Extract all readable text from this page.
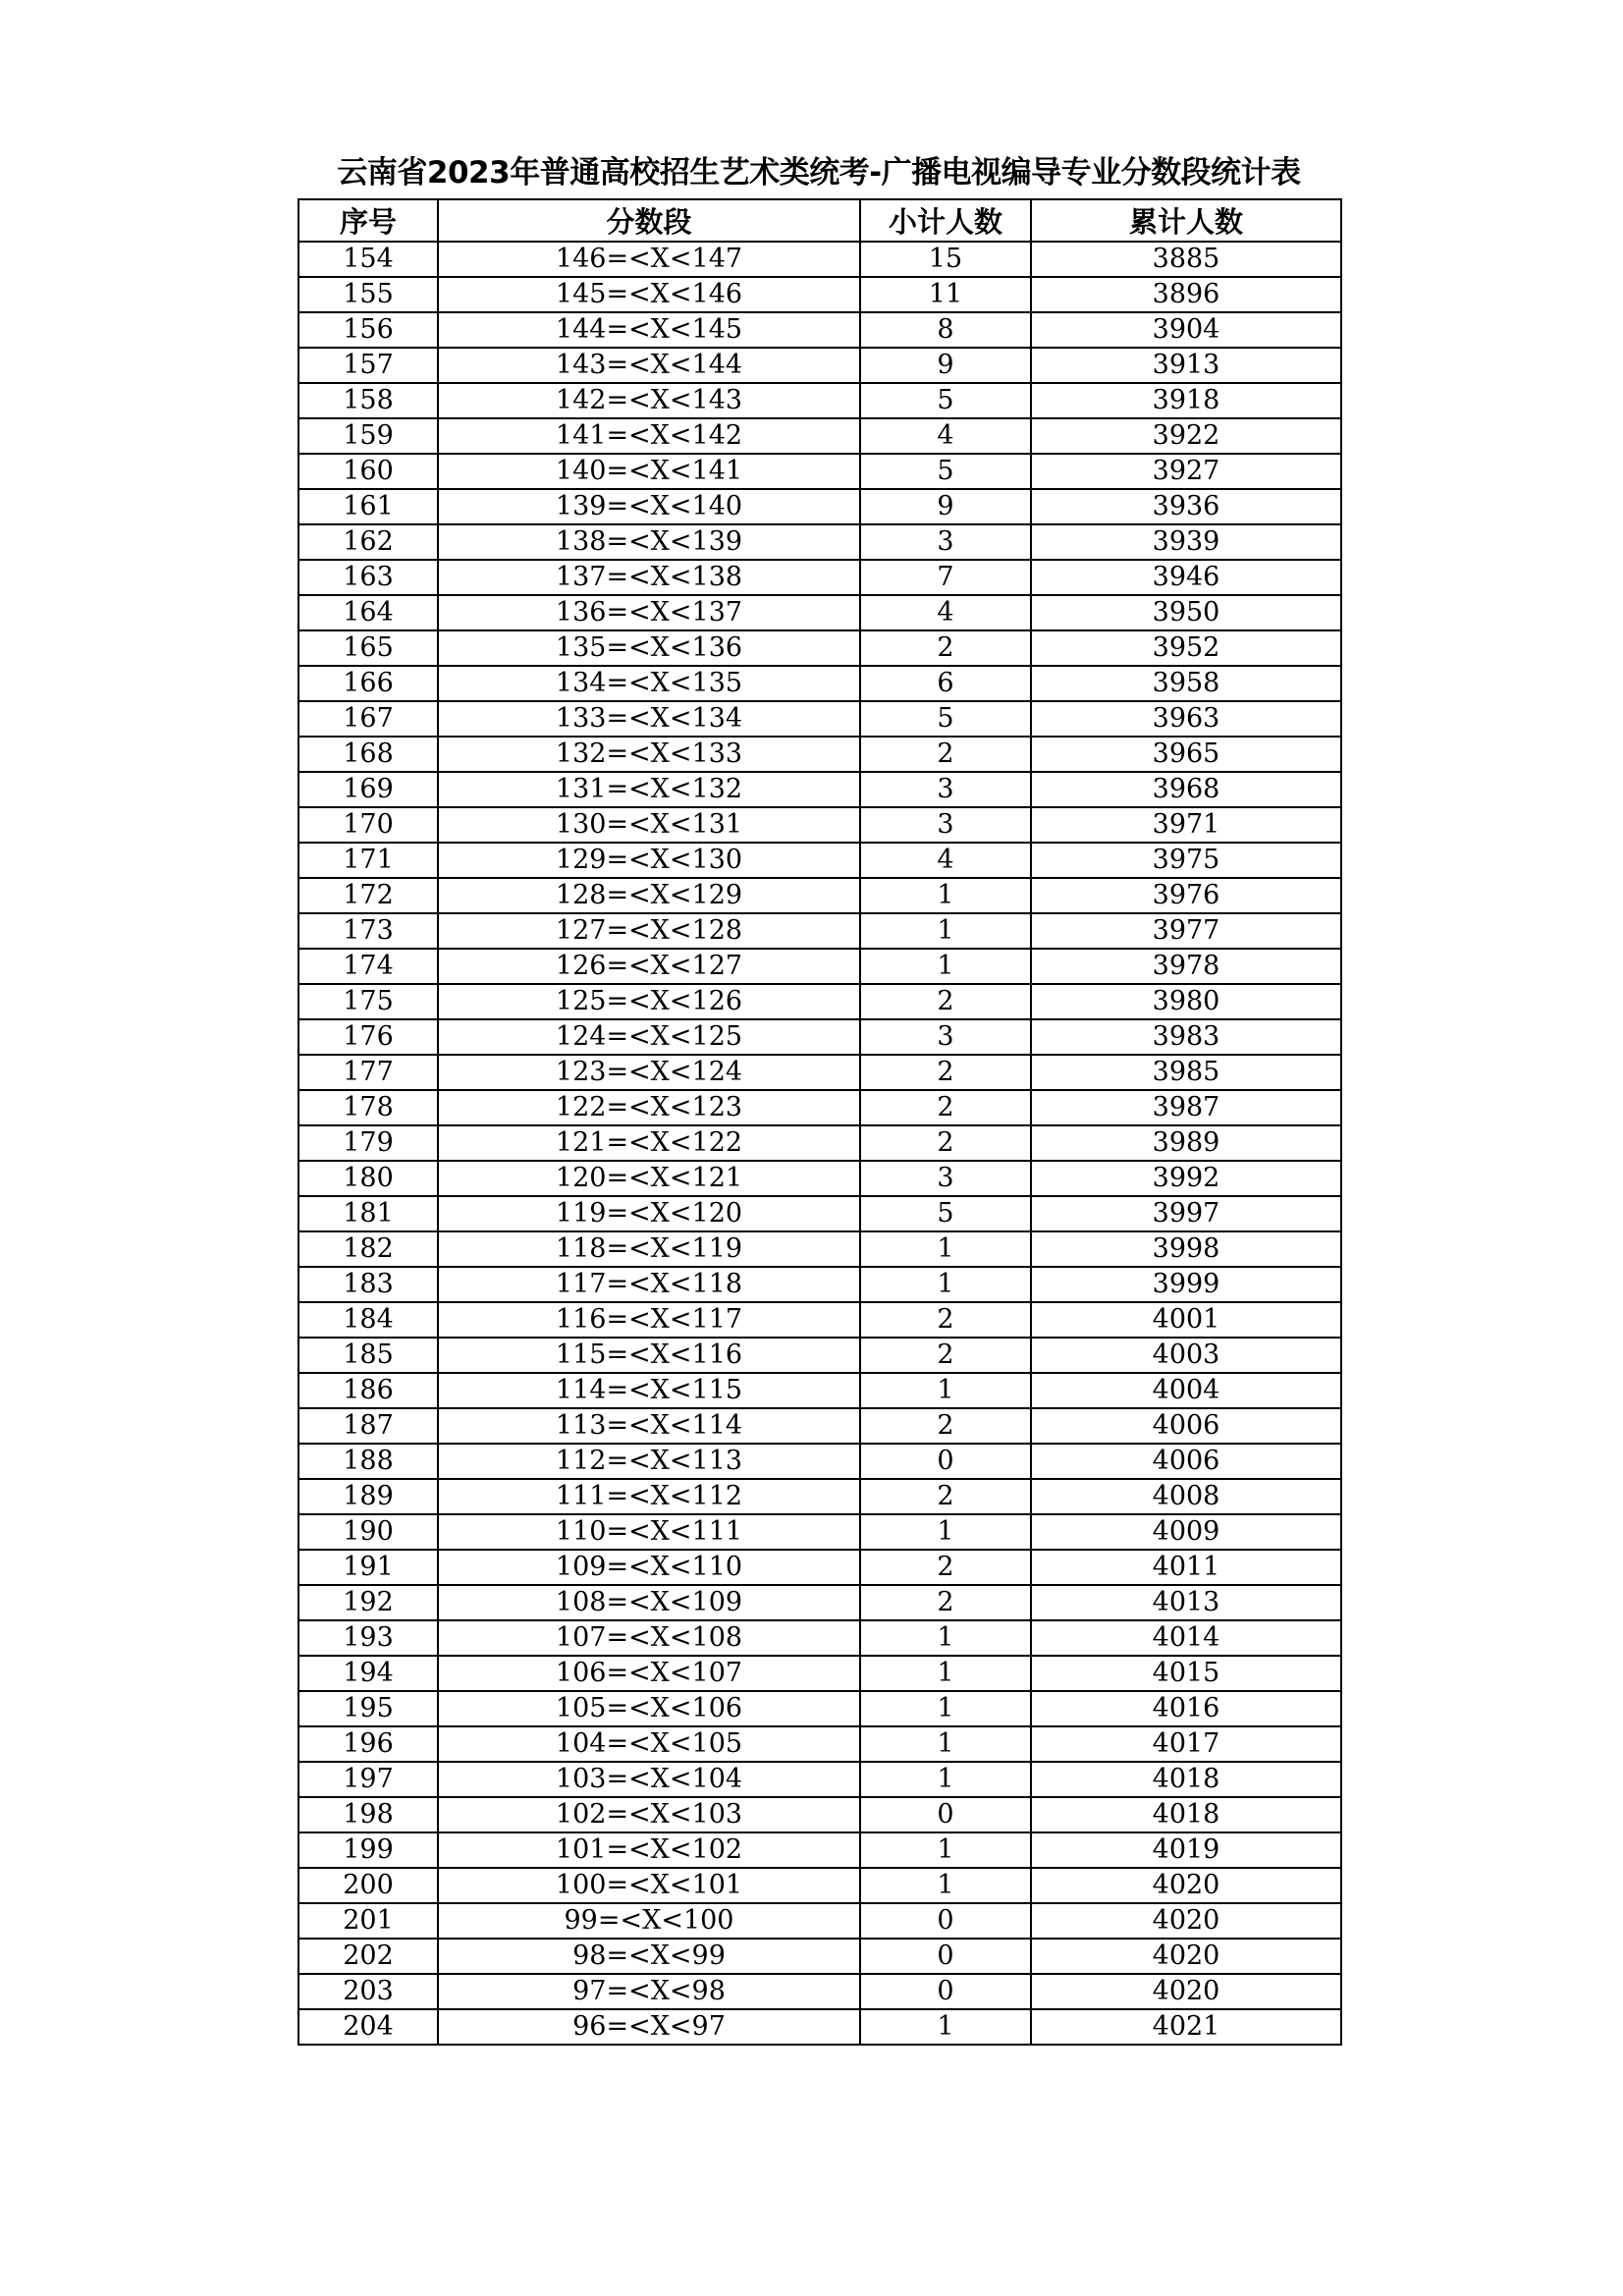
云南省2023年普通高校招生艺术类统考-广播电视编导专业分数段统计表
序号	分数段	小计人数	累计人数
154	146=<X<147	15	3885
155	145=<X<146	11	3896
156	144=<X<145	8	3904
157	143=<X<144	9	3913
158	142=<X<143	5	3918
159	141=<X<142	4	3922
160	140=<X<141	5	3927
161	139=<X<140	9	3936
162	138=<X<139	3	3939
163	137=<X<138	7	3946
164	136=<X<137	4	3950
165	135=<X<136	2	3952
166	134=<X<135	6	3958
167	133=<X<134	5	3963
168	132=<X<133	2	3965
169	131=<X<132	3	3968
170	130=<X<131	3	3971
171	129=<X<130	4	3975
172	128=<X<129	1	3976
173	127=<X<128	1	3977
174	126=<X<127	1	3978
175	125=<X<126	2	3980
176	124=<X<125	3	3983
177	123=<X<124	2	3985
178	122=<X<123	2	3987
179	121=<X<122	2	3989
180	120=<X<121	3	3992
181	119=<X<120	5	3997
182	118=<X<119	1	3998
183	117=<X<118	1	3999
184	116=<X<117	2	4001
185	115=<X<116	2	4003
186	114=<X<115	1	4004
187	113=<X<114	2	4006
188	112=<X<113	0	4006
189	111=<X<112	2	4008
190	110=<X<111	1	4009
191	109=<X<110	2	4011
192	108=<X<109	2	4013
193	107=<X<108	1	4014
194	106=<X<107	1	4015
195	105=<X<106	1	4016
196	104=<X<105	1	4017
197	103=<X<104	1	4018
198	102=<X<103	0	4018
199	101=<X<102	1	4019
200	100=<X<101	1	4020
201	99=<X<100	0	4020
202	98=<X<99	0	4020
203	97=<X<98	0	4020
204	96=<X<97	1	4021
